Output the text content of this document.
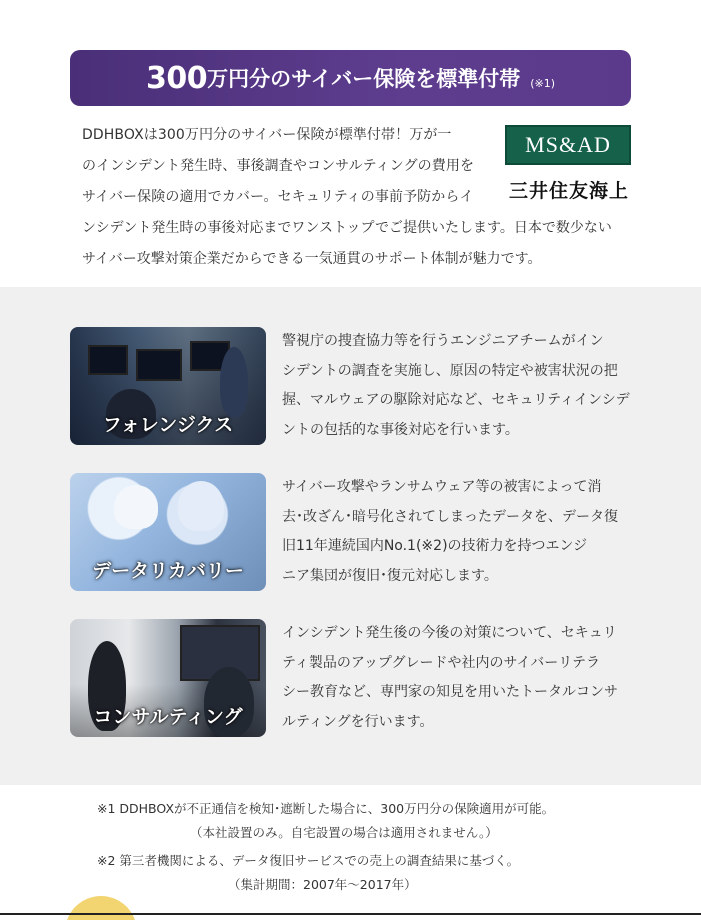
300 万円分 のサイバー 保険を標準付帯 (※1)
DDHBOXは300万円分のサイバー保険が標準付帯！万が一
のインシデント発生時、事後調査やコンサルティングの費用を
サイバー保険の適用でカバー。セキュリティの事前予防からイ
ンシデント発生時の事後対応までワンストップでご提供いたします。日本で数少ない
サイバー攻撃対策企業だからできる一気通貫のサポート体制が魅力です。
MS&AD
三井住友海上
フォレンジクス
警視庁の捜査協力等を行うエンジニアチームがイン
シデントの調査を実施し、原因の特定や被害状況の把
握、マルウェアの駆除対応など、セキュリティインシデ
ントの包括的な事後対応を行います。
データリカバリー
サイバー攻撃やランサムウェア等の被害によって消
去･改ざん･暗号化されてしまったデータを、データ復
旧11年連続国内No.1(※2)の技術力を持つエンジ
ニア集団が復旧･復元対応します。
コンサルティング
インシデント発生後の今後の対策について、セキュリ
ティ製品のアップグレードや社内のサイバーリテラ
シー教育など、専門家の知見を用いたトータルコンサ
ルティングを行います。
※1 DDHBOXが不正通信を検知･遮断した場合に、300万円分の保険適用が可能。
（本社設置のみ。自宅設置の場合は適用されません。）
※2 第三者機関による、データ復旧サービスでの売上の調査結果に基づく。
（集計期間：2007年〜2017年）
